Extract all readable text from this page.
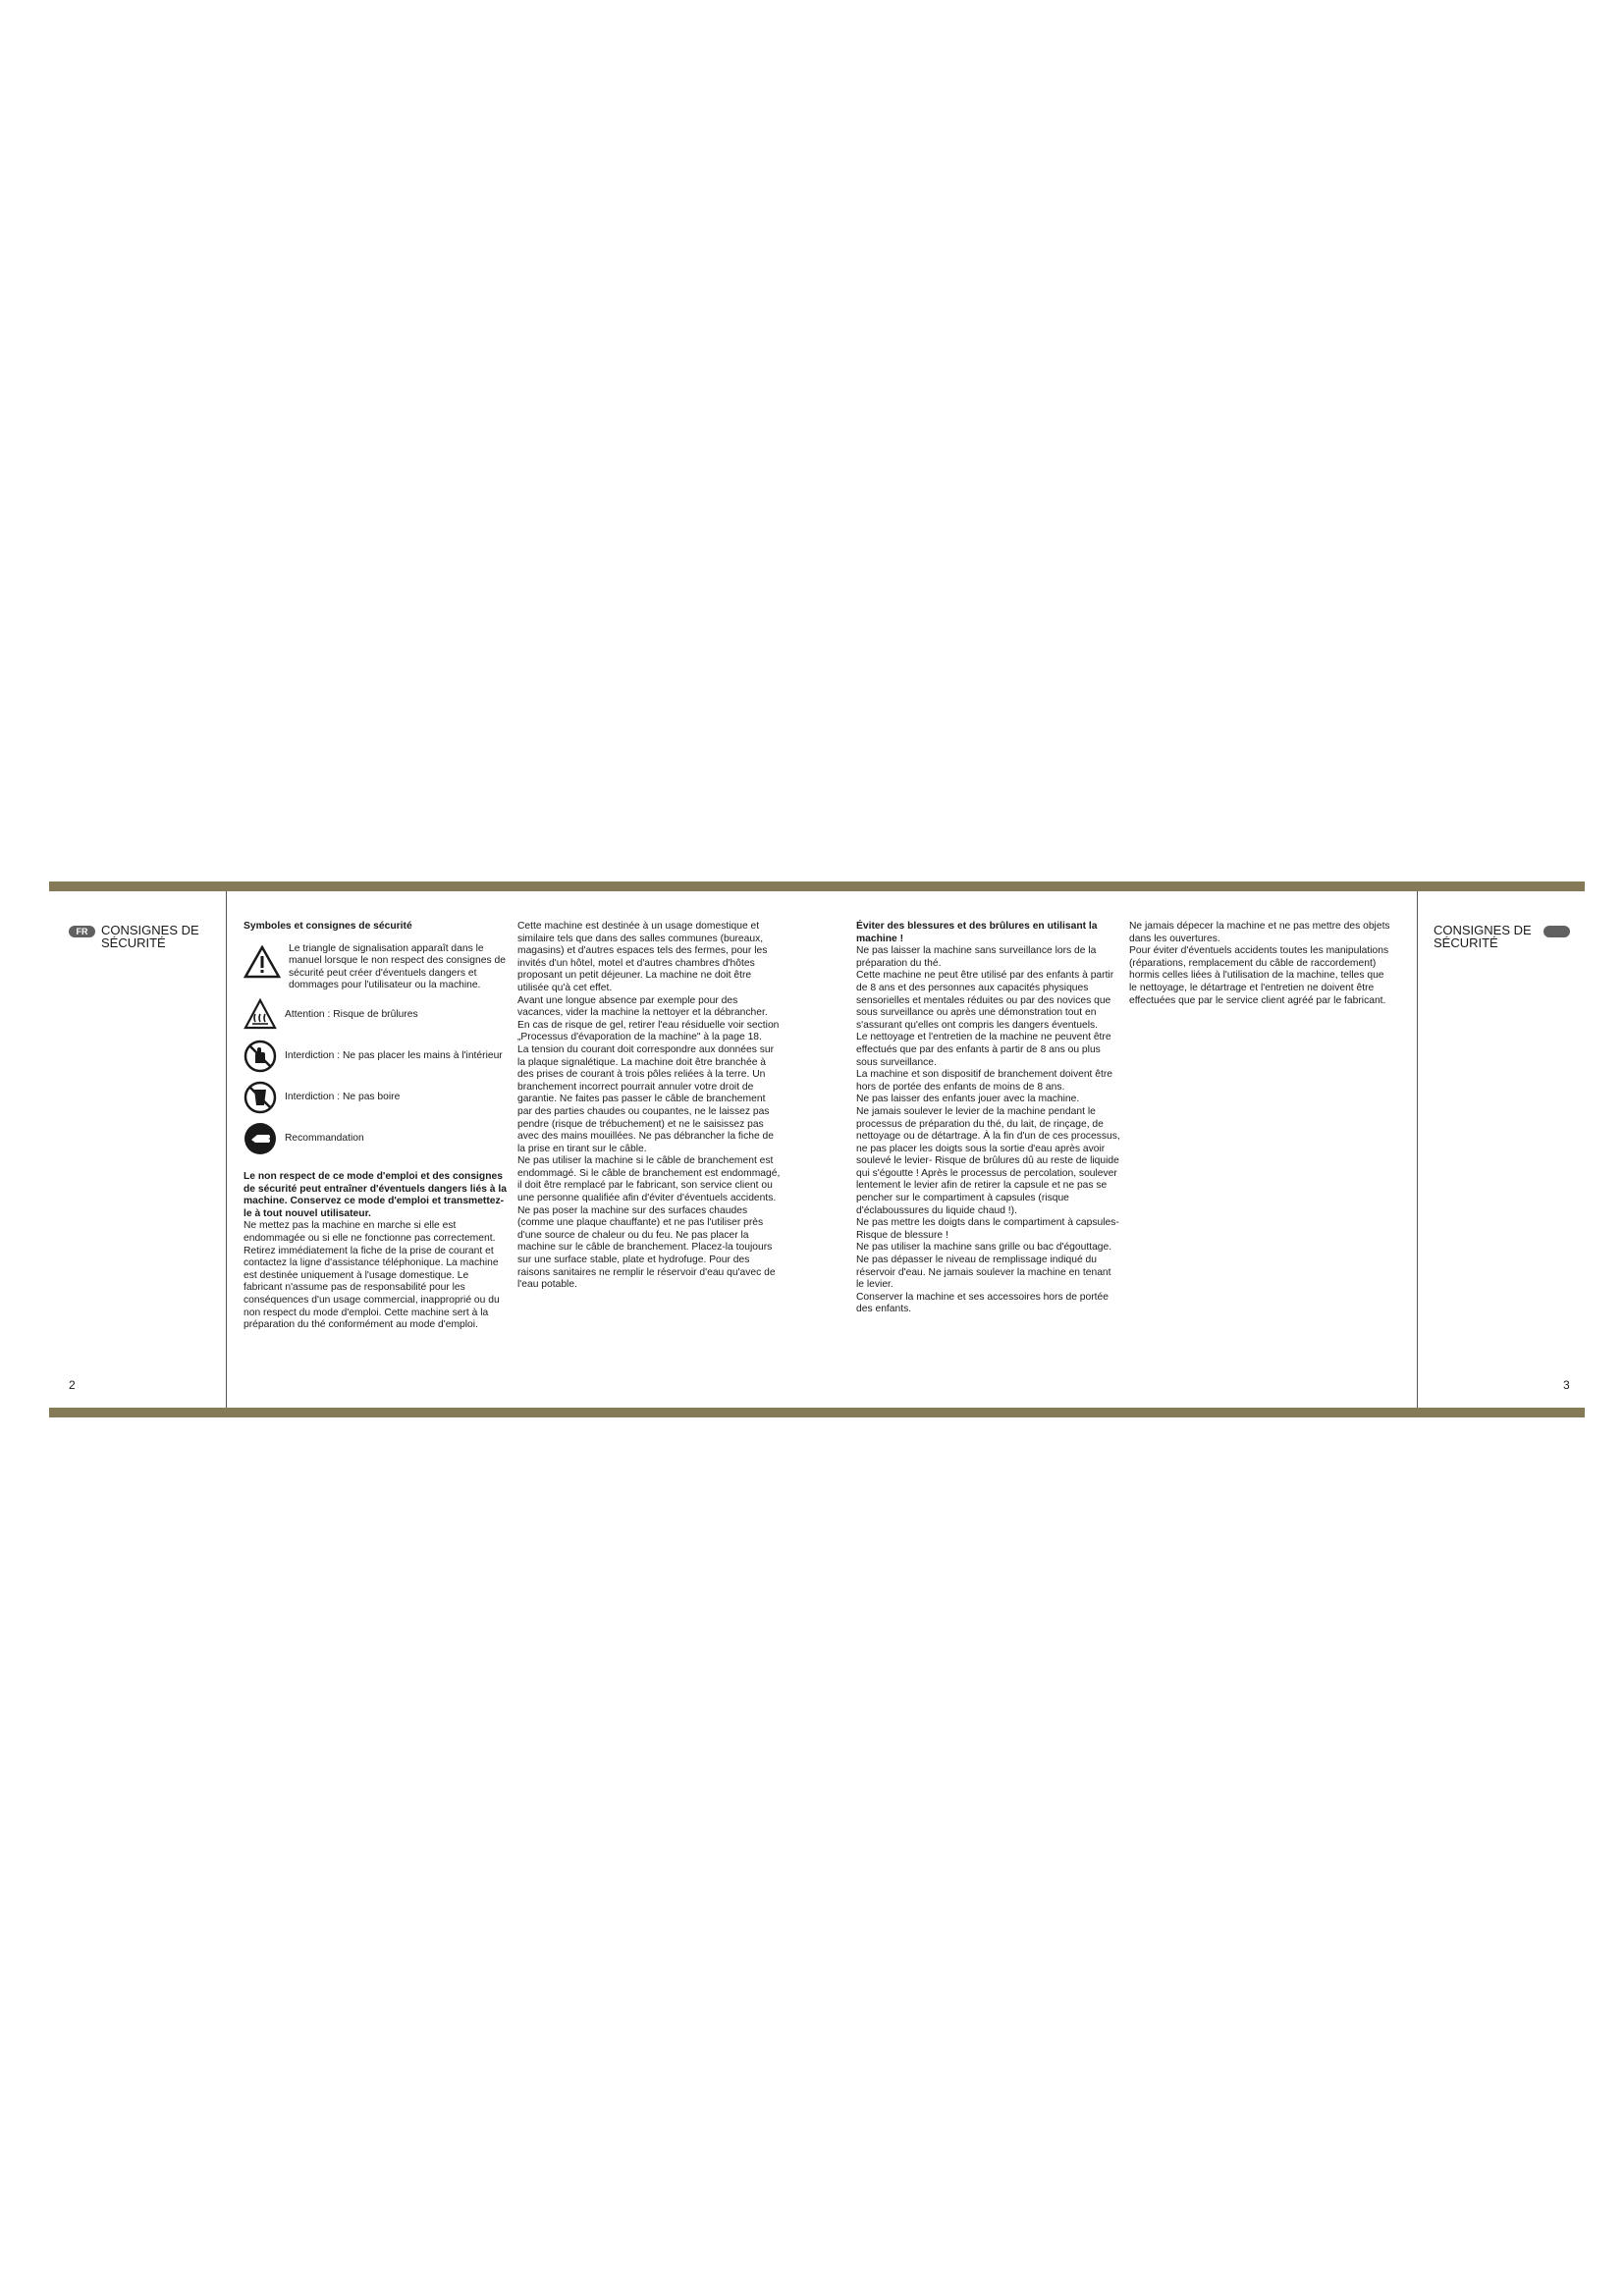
FR	CONSIGNES DE
SÉCURITÉ
CONSIGNES DE
SÉCURITÉ
2	3

Symboles et consignes de sécurité

Le triangle de signalisation apparaît dans le manuel lorsque le non respect des consignes de sécurité peut créer d'éventuels dangers et dommages pour l'utilisateur ou la machine.

Attention : Risque de brûlures
Interdiction : Ne pas placer les mains à l'intérieur
Interdiction : Ne pas boire
Recommandation

Le non respect de ce mode d'emploi et des consignes de sécurité peut entraîner d'éventuels dangers liés à la machine. Conservez ce mode d'emploi et transmettez-le à tout nouvel utilisateur.

Ne mettez pas la machine en marche si elle est endommagée ou si elle ne fonctionne pas correctement. Retirez immédiatement la fiche de la prise de courant et contactez la ligne d'assistance téléphonique. La machine est destinée uniquement à l'usage domestique. Le fabricant n'assume pas de responsabilité pour les conséquences d'un usage commercial, inapproprié ou du non respect du mode d'emploi. Cette machine sert à la préparation du thé conformément au mode d'emploi.

Cette machine est destinée à un usage domestique et similaire tels que dans des salles communes (bureaux, magasins) et d'autres espaces tels des fermes, pour les invités d'un hôtel, motel et d'autres chambres d'hôtes proposant un petit déjeuner. La machine ne doit être utilisée qu'à cet effet.

Avant une longue absence par exemple pour des vacances, vider la machine la nettoyer et la débrancher. En cas de risque de gel, retirer l'eau résiduelle voir section „Processus d'évaporation de la machine" à la page 18.

La tension du courant doit correspondre aux données sur la plaque signalétique. La machine doit être branchée à des prises de courant à trois pôles reliées à la terre. Un branchement incorrect pourrait annuler votre droit de garantie. Ne faites pas passer le câble de branchement par des parties chaudes ou coupantes, ne le laissez pas pendre (risque de trébuchement) et ne le saisissez pas avec des mains mouillées. Ne pas débrancher la fiche de la prise en tirant sur le câble.

Ne pas utiliser la machine si le câble de branchement est endommagé. Si le câble de branchement est endommagé, il doit être remplacé par le fabricant, son service client ou une personne qualifiée afin d'éviter d'éventuels accidents.

Ne pas poser la machine sur des surfaces chaudes (comme une plaque chauffante) et ne pas l'utiliser près d'une source de chaleur ou du feu. Ne pas placer la machine sur le câble de branchement. Placez-la toujours sur une surface stable, plate et hydrofuge. Pour des raisons sanitaires ne remplir le réservoir d'eau qu'avec de l'eau potable.

Éviter des blessures et des brûlures en utilisant la machine !

Ne pas laisser la machine sans surveillance lors de la préparation du thé.

Cette machine ne peut être utilisé par des enfants à partir de 8 ans et des personnes aux capacités physiques sensorielles et mentales réduites ou par des novices que sous surveillance ou après une démonstration tout en s'assurant qu'elles ont compris les dangers éventuels.

Le nettoyage et l'entretien de la machine ne peuvent être effectués que par des enfants à partir de 8 ans ou plus sous surveillance.

La machine et son dispositif de branchement doivent être hors de portée des enfants de moins de 8 ans.

Ne pas laisser des enfants jouer avec la machine.

Ne jamais soulever le levier de la machine pendant le processus de préparation du thé, du lait, de rinçage, de nettoyage ou de détartrage. À la fin d'un de ces processus, ne pas placer les doigts sous la sortie d'eau après avoir soulevé le levier- Risque de brûlures dû au reste de liquide qui s'égoutte ! Après le processus de percolation, soulever lentement le levier afin de retirer la capsule et ne pas se pencher sur le compartiment à capsules (risque d'éclaboussures du liquide chaud !).

Ne pas mettre les doigts dans le compartiment à capsules- Risque de blessure !

Ne pas utiliser la machine sans grille ou bac d'égouttage. Ne pas dépasser le niveau de remplissage indiqué du réservoir d'eau. Ne jamais soulever la machine en tenant le levier.

Conserver la machine et ses accessoires hors de portée des enfants.

Ne jamais dépecer la machine et ne pas mettre des objets dans les ouvertures.

Pour éviter d'éventuels accidents toutes les manipulations (réparations, remplacement du câble de raccordement) hormis celles liées à l'utilisation de la machine, telles que le nettoyage, le détartrage et l'entretien ne doivent être effectuées que par le service client agréé par le fabricant.
